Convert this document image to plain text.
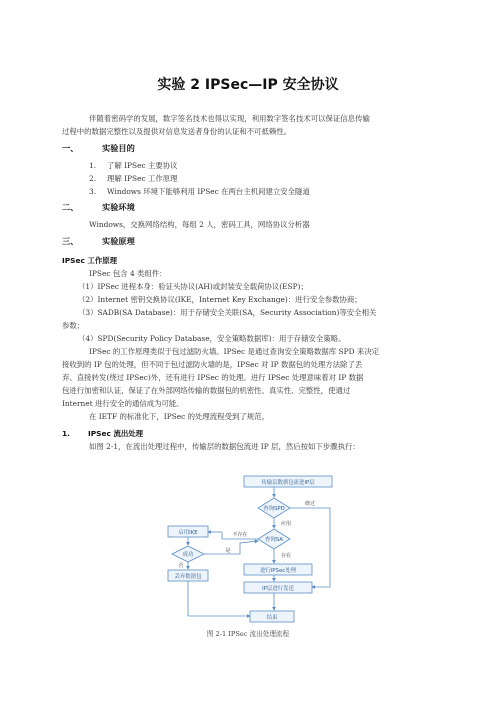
实验 2 IPSec—IP 安全协议
伴随着密码学的发展，数字签名技术也得以实现，利用数字签名技术可以保证信息传输
过程中的数据完整性以及提供对信息发送者身份的认证和不可抵赖性。
一、	实验目的
1. 了解 IPSec 主要协议
2. 理解 IPSec 工作原理
3. Windows 环境下能够利用 IPSec 在两台主机间建立安全隧道
二、	实验环境
Windows，交换网络结构，每组 2 人，密码工具，网络协议分析器
三、	实验原理
IPSec 工作原理
IPSec 包含 4 类组件：
（1）IPSec 进程本身：验证头协议(AH)或封装安全载荷协议(ESP)；
（2）Internet 密钥交换协议(IKE，Internet Key Exchange)：进行安全参数协商；
（3）SADB(SA Database)：用于存储安全关联(SA，Security Association)等安全相关
参数；
（4）SPD(Security Policy Database，安全策略数据库)：用于存储安全策略。
IPSec 的工作原理类似于包过滤防火墙。IPSec 是通过查询安全策略数据库 SPD 来决定
接收到的 IP 包的处理，但不同于包过滤防火墙的是，IPSec 对 IP 数据包的处理方法除了丢
弃、直接转发(绕过 IPSec)外，还有进行 IPSec 的处理。进行 IPSec 处理意味着对 IP 数据
包进行加密和认证，保证了在外部网络传输的数据包的机密性、真实性、完整性，使通过
Internet 进行安全的通信成为可能。
在 IETF 的标准化下，IPSec 的处理流程受到了规范。
1. IPSec 流出处理
如图 2-1，在流出处理过程中，传输层的数据包流进 IP 层，然后按如下步骤执行：
传输层数据包流进IP层
查询SPD
查询SA
启用IKE
成功
丢弃数据包
进行IPSec处理
IP层进行发送
结束
绕过
应用
不存在
存在
是
否
图 2-1 IPSec 流出处理流程
